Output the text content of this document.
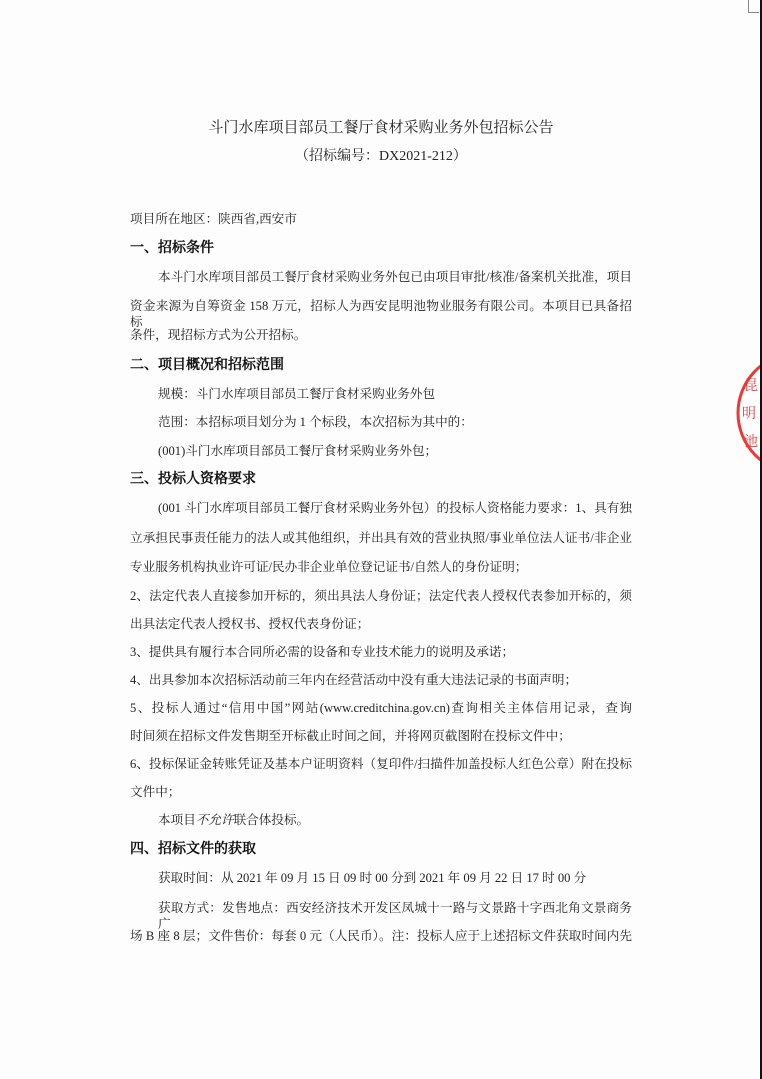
斗门水库项目部员工餐厅食材采购业务外包招标公告
（招标编号：DX2021-212）
项目所在地区：陕西省,西安市
一、招标条件
本斗门水库项目部员工餐厅食材采购业务外包已由项目审批/核准/备案机关批准，项目
资金来源为自筹资金 158 万元，招标人为西安昆明池物业服务有限公司。本项目已具备招标
条件，现招标方式为公开招标。
二、项目概况和招标范围
规模：斗门水库项目部员工餐厅食材采购业务外包
范围：本招标项目划分为 1 个标段，本次招标为其中的：
(001)斗门水库项目部员工餐厅食材采购业务外包；
三、投标人资格要求
(001 斗门水库项目部员工餐厅食材采购业务外包）的投标人资格能力要求：1、具有独
立承担民事责任能力的法人或其他组织，并出具有效的营业执照/事业单位法人证书/非企业
专业服务机构执业许可证/民办非企业单位登记证书/自然人的身份证明；
2、法定代表人直接参加开标的，须出具法人身份证；法定代表人授权代表参加开标的，须
出具法定代表人授权书、授权代表身份证；
3、提供具有履行本合同所必需的设备和专业技术能力的说明及承诺；
4、出具参加本次招标活动前三年内在经营活动中没有重大违法记录的书面声明；
5、投标人通过“信用中国”网站(www.creditchina.gov.cn)查询相关主体信用记录，查询
时间须在招标文件发售期至开标截止时间之间，并将网页截图附在投标文件中；
6、投标保证金转账凭证及基本户证明资料（复印件/扫描件加盖投标人红色公章）附在投标
文件中；
本项目不允许联合体投标。
四、招标文件的获取
获取时间：从 2021 年 09 月 15 日 09 时 00 分到 2021 年 09 月 22 日 17 时 00 分
获取方式：发售地点：西安经济技术开发区凤城十一路与文景路十字西北角文景商务广
场 B 座 8 层；文件售价：每套 0 元（人民币）。注：投标人应于上述招标文件获取时间内先
昆
明
池
